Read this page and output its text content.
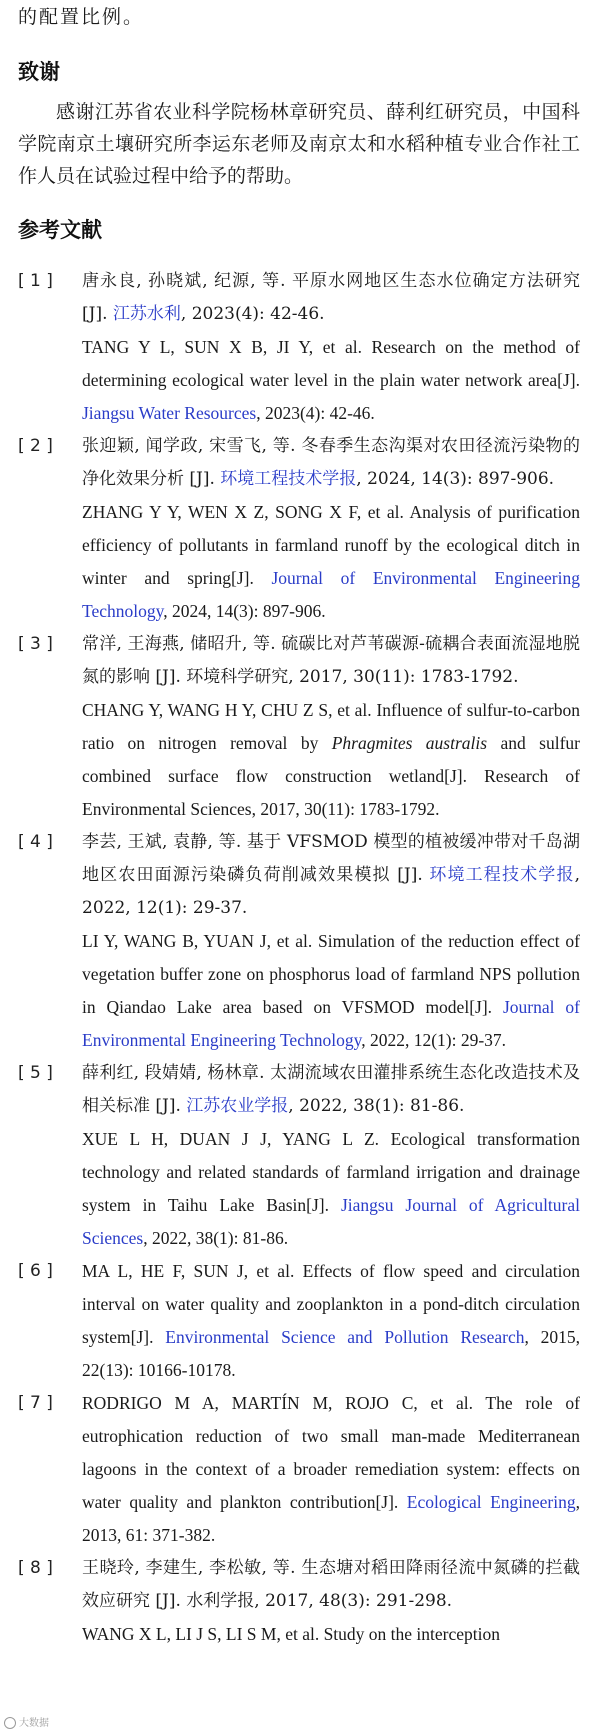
的配置比例。
致谢

感谢江苏省农业科学院杨林章研究员、薛利红研究员，中国科学院南京土壤研究所李运东老师及南京太和水稻种植专业合作社工作人员在试验过程中给予的帮助。

参考文献
[ 1 ]	唐永良, 孙晓斌, 纪源, 等. 平原水网地区生态水位确定方法研究 [J]. 江苏水利, 2023(4): 42-46.

TANG Y L, SUN X B, JI Y, et al. Research on the method of determining ecological water level in the plain water network area[J]. Jiangsu Water Resources, 2023(4): 42-46.

[ 2 ]	张迎颖, 闻学政, 宋雪飞, 等. 冬春季生态沟渠对农田径流污染物的净化效果分析 [J]. 环境工程技术学报, 2024, 14(3): 897-906.

ZHANG Y Y, WEN X Z, SONG X F, et al. Analysis of purification efficiency of pollutants in farmland runoff by the ecological ditch in winter and spring[J]. Journal of Environmental Engineering Technology, 2024, 14(3): 897-906.

[ 3 ]	常洋, 王海燕, 储昭升, 等. 硫碳比对芦苇碳源-硫耦合表面流湿地脱氮的影响 [J]. 环境科学研究, 2017, 30(11): 1783-1792.

CHANG Y, WANG H Y, CHU Z S, et al. Influence of sulfur-to-carbon ratio on nitrogen removal by Phragmites australis and sulfur combined surface flow construction wetland[J]. Research of Environmental Sciences, 2017, 30(11): 1783-1792.

[ 4 ]	李芸, 王斌, 袁静, 等. 基于 VFSMOD 模型的植被缓冲带对千岛湖地区农田面源污染磷负荷削减效果模拟 [J]. 环境工程技术学报, 2022, 12(1): 29-37.

LI Y, WANG B, YUAN J, et al. Simulation of the reduction effect of vegetation buffer zone on phosphorus load of farmland NPS pollution in Qiandao Lake area based on VFSMOD model[J]. Journal of Environmental Engineering Technology, 2022, 12(1): 29-37.

[ 5 ]	薛利红, 段婧婧, 杨林章. 太湖流域农田灌排系统生态化改造技术及相关标准 [J]. 江苏农业学报, 2022, 38(1): 81-86.

XUE L H, DUAN J J, YANG L Z. Ecological transformation technology and related standards of farmland irrigation and drainage system in Taihu Lake Basin[J]. Jiangsu Journal of Agricultural Sciences, 2022, 38(1): 81-86.

[ 6 ]	MA L, HE F, SUN J, et al. Effects of flow speed and circulation interval on water quality and zooplankton in a pond-ditch circulation system[J]. Environmental Science and Pollution Research, 2015, 22(13): 10166-10178.

[ 7 ]	RODRIGO M A, MARTÍN M, ROJO C, et al. The role of eutrophication reduction of two small man-made Mediterranean lagoons in the context of a broader remediation system: effects on water quality and plankton contribution[J]. Ecological Engineering, 2013, 61: 371-382.

[ 8 ]	王晓玲, 李建生, 李松敏, 等. 生态塘对稻田降雨径流中氮磷的拦截效应研究 [J]. 水利学报, 2017, 48(3): 291-298.

WANG X L, LI J S, LI S M, et al. Study on the interception

大数据
